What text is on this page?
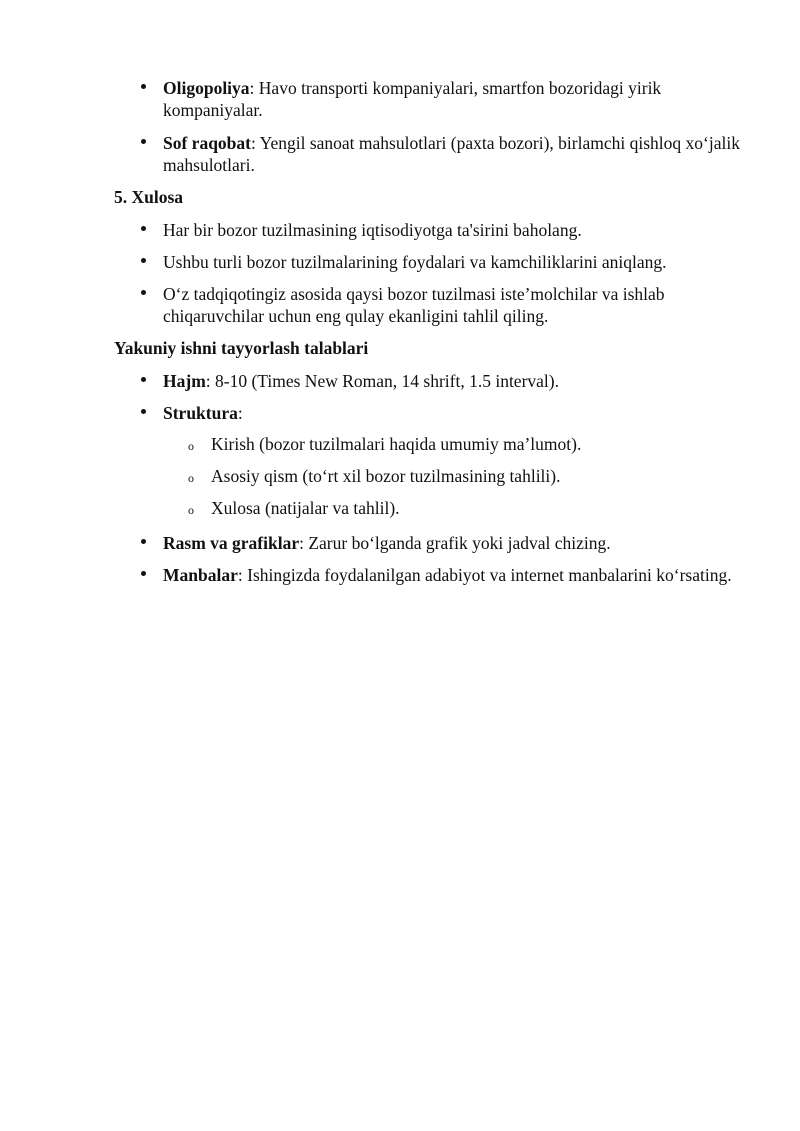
Oligopoliya: Havo transporti kompaniyalari, smartfon bozoridagi yirik kompaniyalar.
Sof raqobat: Yengil sanoat mahsulotlari (paxta bozori), birlamchi qishloq xo‘jalik mahsulotlari.
5. Xulosa
Har bir bozor tuzilmasining iqtisodiyotga ta'sirini baholang.
Ushbu turli bozor tuzilmalarining foydalari va kamchiliklarini aniqlang.
O‘z tadqiqotingiz asosida qaysi bozor tuzilmasi iste’molchilar va ishlab chiqaruvchilar uchun eng qulay ekanligini tahlil qiling.
Yakuniy ishni tayyorlash talablari
Hajm: 8-10 (Times New Roman, 14 shrift, 1.5 interval).
Struktura:
o Kirish (bozor tuzilmalari haqida umumiy ma’lumot).
o Asosiy qism (to‘rt xil bozor tuzilmasining tahlili).
o Xulosa (natijalar va tahlil).
Rasm va grafiklar: Zarur bo‘lganda grafik yoki jadval chizing.
Manbalar: Ishingizda foydalanilgan adabiyot va internet manbalarini ko‘rsating.
